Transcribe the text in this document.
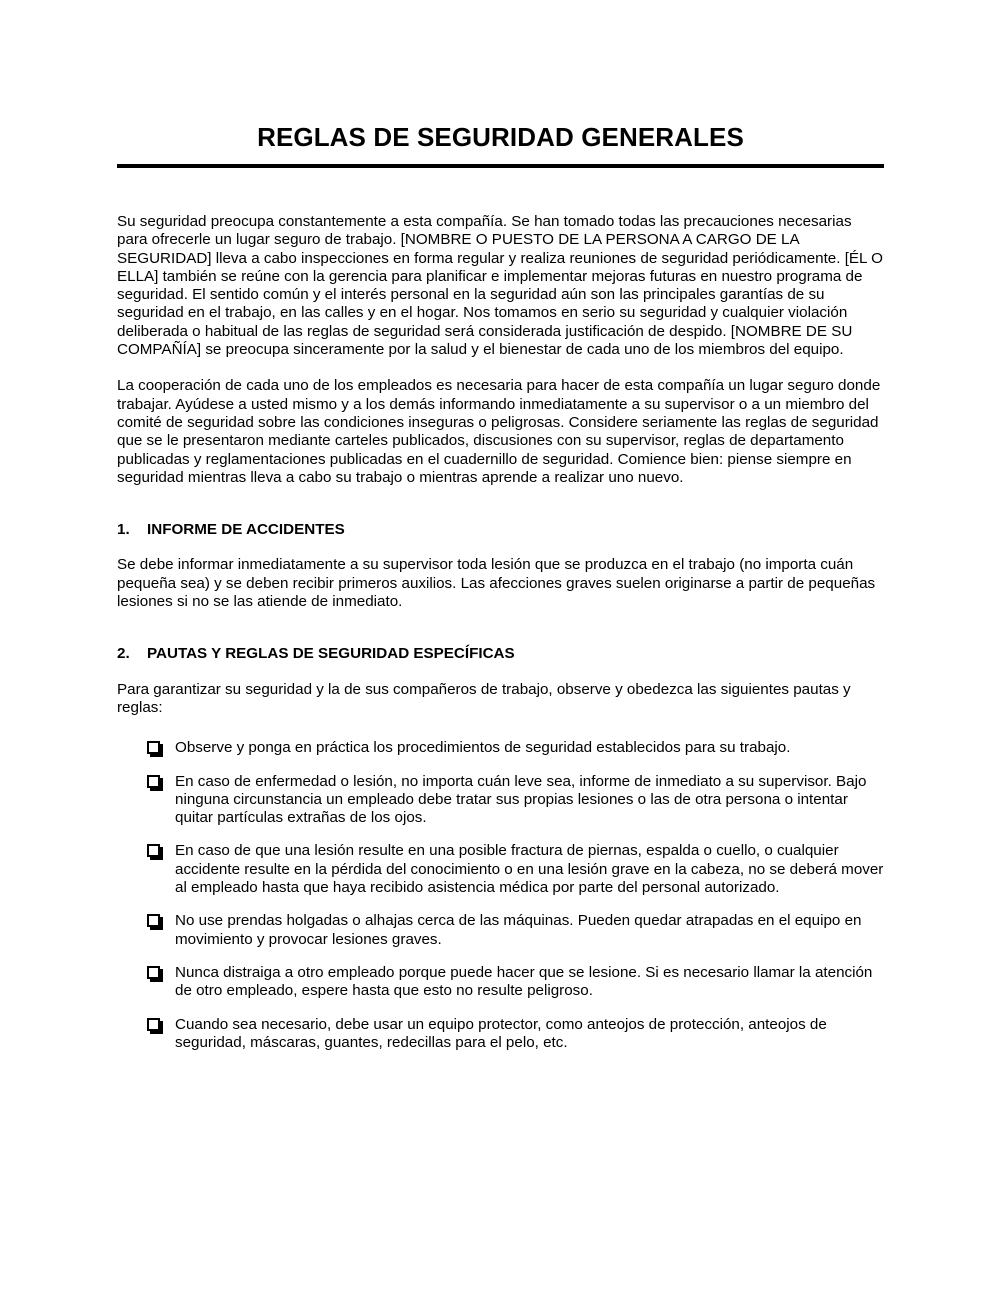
REGLAS DE SEGURIDAD GENERALES

Su seguridad preocupa constantemente a esta compañía. Se han tomado todas las precauciones necesarias para ofrecerle un lugar seguro de trabajo. [NOMBRE O PUESTO DE LA PERSONA A CARGO DE LA SEGURIDAD] lleva a cabo inspecciones en forma regular y realiza reuniones de seguridad periódicamente. [ÉL O ELLA] también se reúne con la gerencia para planificar e implementar mejoras futuras en nuestro programa de seguridad. El sentido común y el interés personal en la seguridad aún son las principales garantías de su seguridad en el trabajo, en las calles y en el hogar. Nos tomamos en serio su seguridad y cualquier violación deliberada o habitual de las reglas de seguridad será considerada justificación de despido. [NOMBRE DE SU COMPAÑÍA] se preocupa sinceramente por la salud y el bienestar de cada uno de los miembros del equipo.

La cooperación de cada uno de los empleados es necesaria para hacer de esta compañía un lugar seguro donde trabajar. Ayúdese a usted mismo y a los demás informando inmediatamente a su supervisor o a un miembro del comité de seguridad sobre las condiciones inseguras o peligrosas. Considere seriamente las reglas de seguridad que se le presentaron mediante carteles publicados, discusiones con su supervisor, reglas de departamento publicadas y reglamentaciones publicadas en el cuadernillo de seguridad. Comience bien: piense siempre en seguridad mientras lleva a cabo su trabajo o mientras aprende a realizar uno nuevo.

1.	INFORME DE ACCIDENTES

Se debe informar inmediatamente a su supervisor toda lesión que se produzca en el trabajo (no importa cuán pequeña sea) y se deben recibir primeros auxilios. Las afecciones graves suelen originarse a partir de pequeñas lesiones si no se las atiende de inmediato.

2.	PAUTAS Y REGLAS DE SEGURIDAD ESPECÍFICAS

Para garantizar su seguridad y la de sus compañeros de trabajo, observe y obedezca las siguientes pautas y reglas:

Observe y ponga en práctica los procedimientos de seguridad establecidos para su trabajo.
En caso de enfermedad o lesión, no importa cuán leve sea, informe de inmediato a su supervisor. Bajo ninguna circunstancia un empleado debe tratar sus propias lesiones o las de otra persona o intentar quitar partículas extrañas de los ojos.
En caso de que una lesión resulte en una posible fractura de piernas, espalda o cuello, o cualquier accidente resulte en la pérdida del conocimiento o en una lesión grave en la cabeza, no se deberá mover al empleado hasta que haya recibido asistencia médica por parte del personal autorizado.
No use prendas holgadas o alhajas cerca de las máquinas. Pueden quedar atrapadas en el equipo en movimiento y provocar lesiones graves.
Nunca distraiga a otro empleado porque puede hacer que se lesione. Si es necesario llamar la atención de otro empleado, espere hasta que esto no resulte peligroso.
Cuando sea necesario, debe usar un equipo protector, como anteojos de protección, anteojos de seguridad, máscaras, guantes, redecillas para el pelo, etc.
